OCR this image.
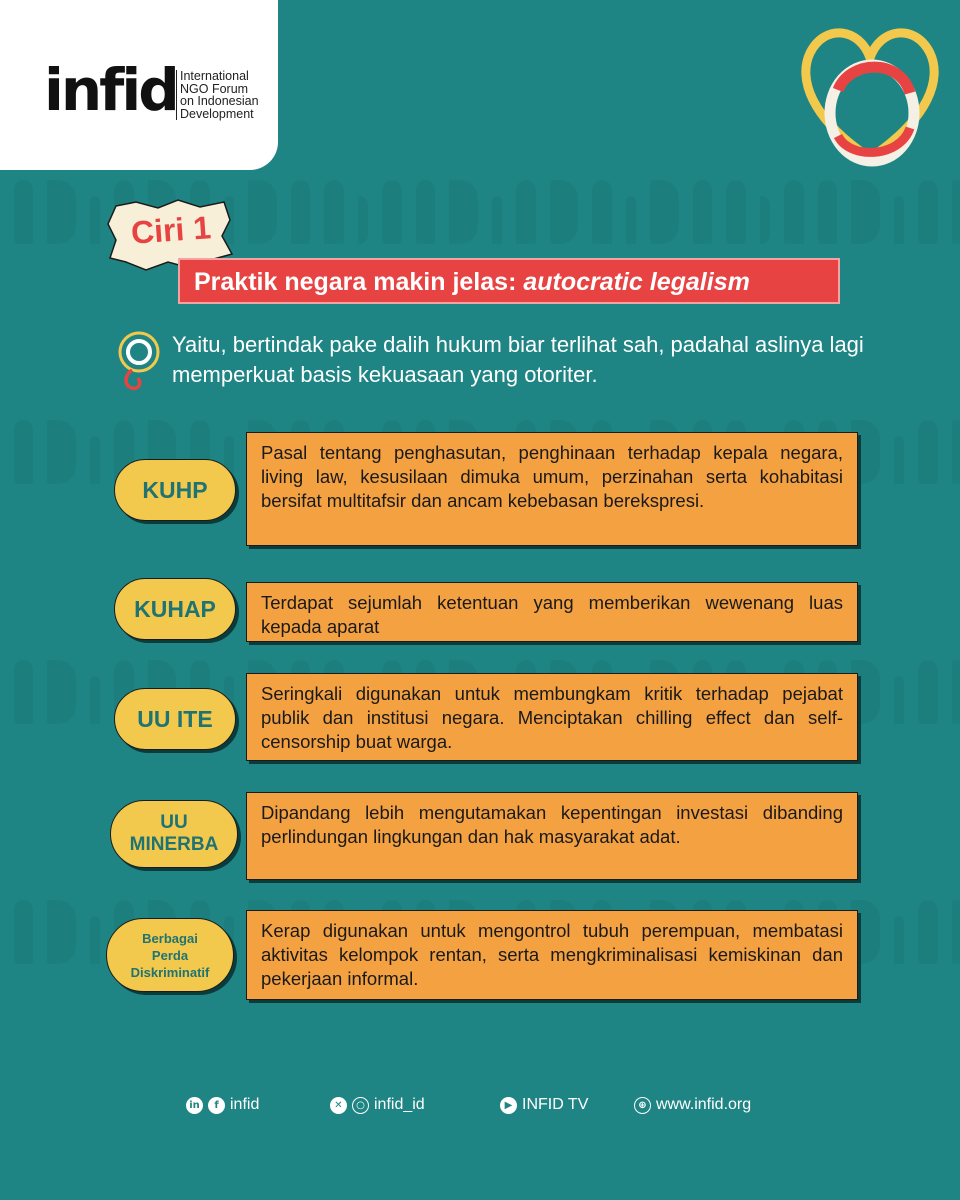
infid International
NGO Forum
on Indonesian
Development
Ciri 1
Praktik negara makin jelas: autocratic legalism
Yaitu, bertindak pake dalih hukum biar terlihat sah, padahal aslinya lagi memperkuat basis kekuasaan yang otoriter.
KUHP
Pasal tentang penghasutan, penghinaan terhadap kepala negara, living law, kesusilaan dimuka umum, perzinahan serta kohabitasi bersifat multitafsir dan ancam kebebasan berekspresi.
KUHAP	Terdapat sejumlah ketentuan yang memberikan wewenang luas kepada aparat
UU ITE
Seringkali digunakan untuk membungkam kritik terhadap pejabat publik dan institusi negara. Menciptakan chilling effect dan self-censorship buat warga.
UU
MINERBA
Dipandang lebih mengutamakan kepentingan investasi dibanding perlindungan lingkungan dan hak masyarakat adat.
Berbagai
Perda
Diskriminatif
Kerap digunakan untuk mengontrol tubuh perempuan, membatasi aktivitas kelompok rentan, serta mengkriminalisasi kemiskinan dan pekerjaan informal.
in	f infid	✕	○ infid_id	▶ INFID TV	⊕ www.infid.org
